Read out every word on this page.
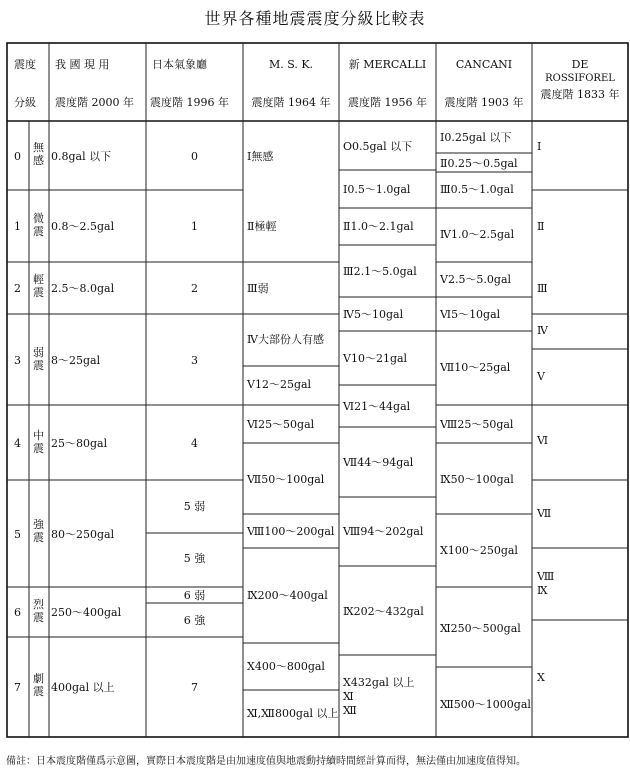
世界各種地震震度分級比較表
震度
分級
我 國 現 用
震度階 2000 年
日本氣象廳
震度階 1996 年
M. S. K.
震度階 1964 年
新 MERCALLI
震度階 1956 年
CANCANI
震度階 1903 年
DE
ROSSIFOREL
震度階 1833 年
0
1
2
3
4
5
6
7
無感
微震
輕震
弱震
中震
強震
烈震
劇震
0.8gal 以下
0.8～2.5gal
2.5～8.0gal
8～25gal
25～80gal
80～250gal
250～400gal
400gal 以上
0
1
2
3
4
5 弱
5 強
6 弱
6 強
7
Ⅰ無感
Ⅱ極輕
Ⅲ弱
Ⅳ大部份人有感
Ⅴ12～25gal
Ⅵ25～50gal
Ⅶ50～100gal
Ⅷ100～200gal
Ⅸ200～400gal
Ⅹ400～800gal
Ⅺ,Ⅻ800gal 以上
O0.5gal 以下
Ⅰ0.5～1.0gal
Ⅱ1.0～2.1gal
Ⅲ2.1～5.0gal
Ⅳ5～10gal
Ⅴ10～21gal
Ⅵ21～44gal
Ⅶ44～94gal
Ⅷ94～202gal
Ⅸ202～432gal
Ⅹ432gal 以上
Ⅺ
Ⅻ
Ⅰ0.25gal 以下
Ⅱ0.25～0.5gal
Ⅲ0.5～1.0gal
Ⅳ1.0～2.5gal
Ⅴ2.5～5.0gal
Ⅵ5～10gal
Ⅶ10～25gal
Ⅷ25～50gal
Ⅸ50～100gal
Ⅹ100～250gal
Ⅺ250～500gal
Ⅻ500～1000gal
Ⅰ
Ⅱ
Ⅲ
Ⅳ
Ⅴ
Ⅵ
Ⅶ
Ⅷ
Ⅸ
Ⅹ
備註：日本震度階僅爲示意圖，實際日本震度階是由加速度值與地震動持續時間經計算而得，無法僅由加速度值得知。
